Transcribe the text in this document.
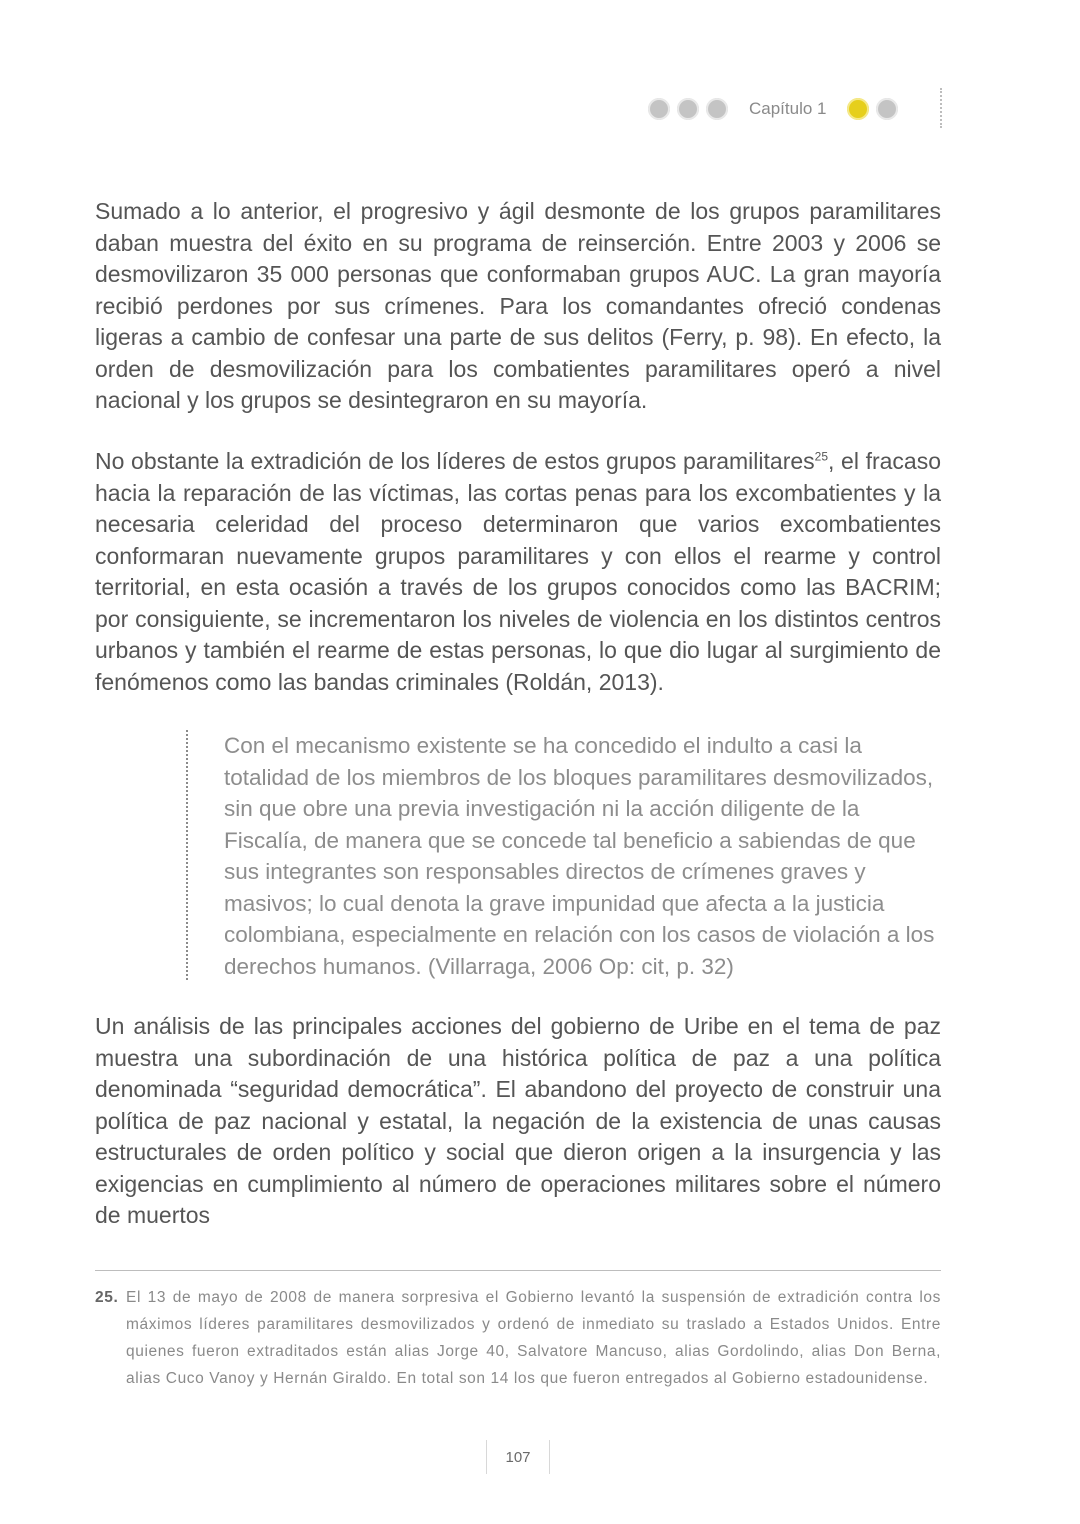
Capítulo 1

Sumado a lo anterior, el progresivo y ágil desmonte de los grupos paramilitares daban muestra del éxito en su programa de reinserción. Entre 2003 y 2006 se desmovilizaron 35 000 personas que conformaban grupos AUC. La gran mayoría recibió perdones por sus crímenes. Para los comandantes ofreció condenas ligeras a cambio de confesar una parte de sus delitos (Ferry, p. 98). En efecto, la orden de desmovilización para los combatientes paramilitares operó a nivel nacional y los grupos se desintegraron en su mayoría.

No obstante la extradición de los líderes de estos grupos paramilitares$^{25}$, el fracaso hacia la reparación de las víctimas, las cortas penas para los excombatientes y la necesaria celeridad del proceso determinaron que varios excombatientes conformaran nuevamente grupos paramilitares y con ellos el rearme y control territorial, en esta ocasión a través de los grupos conocidos como las BACRIM; por consiguiente, se incrementaron los niveles de violencia en los distintos centros urbanos y también el rearme de estas personas, lo que dio lugar al surgimiento de fenómenos como las bandas criminales (Roldán, 2013).

Con el mecanismo existente se ha concedido el indulto a casi la totalidad de los miembros de los bloques paramilitares desmovilizados, sin que obre una previa investigación ni la acción diligente de la Fiscalía, de manera que se concede tal beneficio a sabiendas de que sus integrantes son responsables directos de crímenes graves y masivos; lo cual denota la grave impunidad que afecta a la justicia colombiana, especialmente en relación con los casos de violación a los derechos humanos. (Villarraga, 2006 Op: cit, p. 32)

Un análisis de las principales acciones del gobierno de Uribe en el tema de paz muestra una subordinación de una histórica política de paz a una política denominada “seguridad democrática”. El abandono del proyecto de construir una política de paz nacional y estatal, la negación de la existencia de unas causas estructurales de orden político y social que dieron origen a la insurgencia y las exigencias en cumplimiento al número de operaciones militares sobre el número de muertos

25. El 13 de mayo de 2008 de manera sorpresiva el Gobierno levantó la suspensión de extradición contra los máximos líderes paramilitares desmovilizados y ordenó de inmediato su traslado a Estados Unidos. Entre quienes fueron extraditados están alias Jorge 40, Salvatore Mancuso, alias Gordolindo, alias Don Berna, alias Cuco Vanoy y Hernán Giraldo. En total son 14 los que fueron entregados al Gobierno estadounidense.
107
